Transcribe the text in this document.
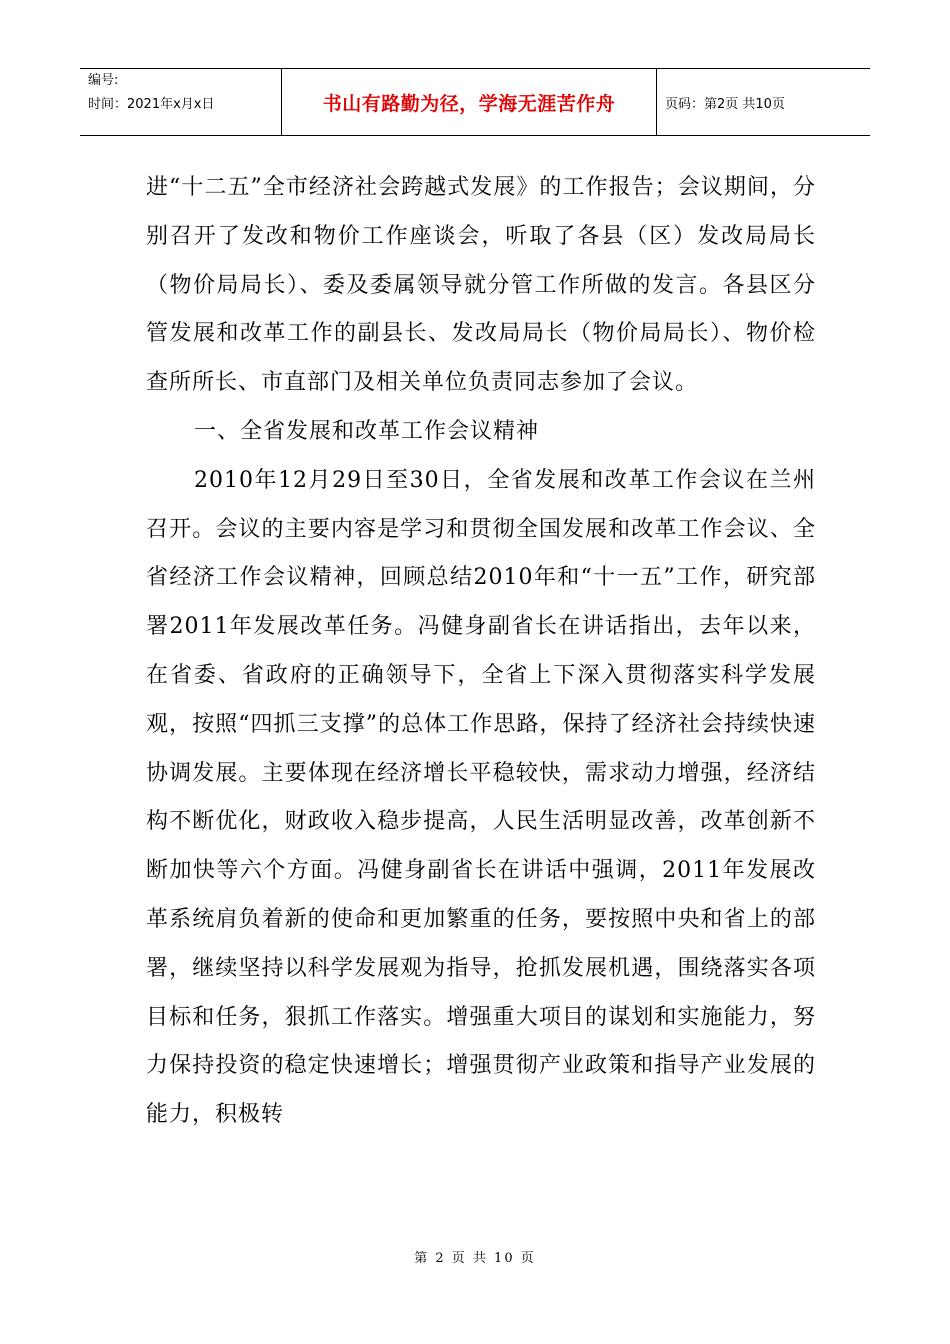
编号:
时间：2021年x月x日	书山有路勤为径，学海无涯苦作舟	页码：第2页 共10页

进“十二五”全市经济社会跨越式发展》的工作报告；会议期间，分别召开了发改和物价工作座谈会，听取了各县（区）发改局局长（物价局局长）、委及委属领导就分管工作所做的发言。各县区分管发展和改革工作的副县长、发改局局长（物价局局长）、物价检查所所长、市直部门及相关单位负责同志参加了会议。

一、全省发展和改革工作会议精神

2010年12月29日至30日，全省发展和改革工作会议在兰州召开。会议的主要内容是学习和贯彻全国发展和改革工作会议、全省经济工作会议精神，回顾总结2010年和“十一五”工作，研究部署2011年发展改革任务。冯健身副省长在讲话指出，去年以来，在省委、省政府的正确领导下，全省上下深入贯彻落实科学发展观，按照“四抓三支撑”的总体工作思路，保持了经济社会持续快速协调发展。主要体现在经济增长平稳较快，需求动力增强，经济结构不断优化，财政收入稳步提高，人民生活明显改善，改革创新不断加快等六个方面。冯健身副省长在讲话中强调，2011年发展改革系统肩负着新的使命和更加繁重的任务，要按照中央和省上的部署，继续坚持以科学发展观为指导，抢抓发展机遇，围绕落实各项目标和任务，狠抓工作落实。增强重大项目的谋划和实施能力，努力保持投资的稳定快速增长；增强贯彻产业政策和指导产业发展的能力，积极转

第 2 页 共 10 页
